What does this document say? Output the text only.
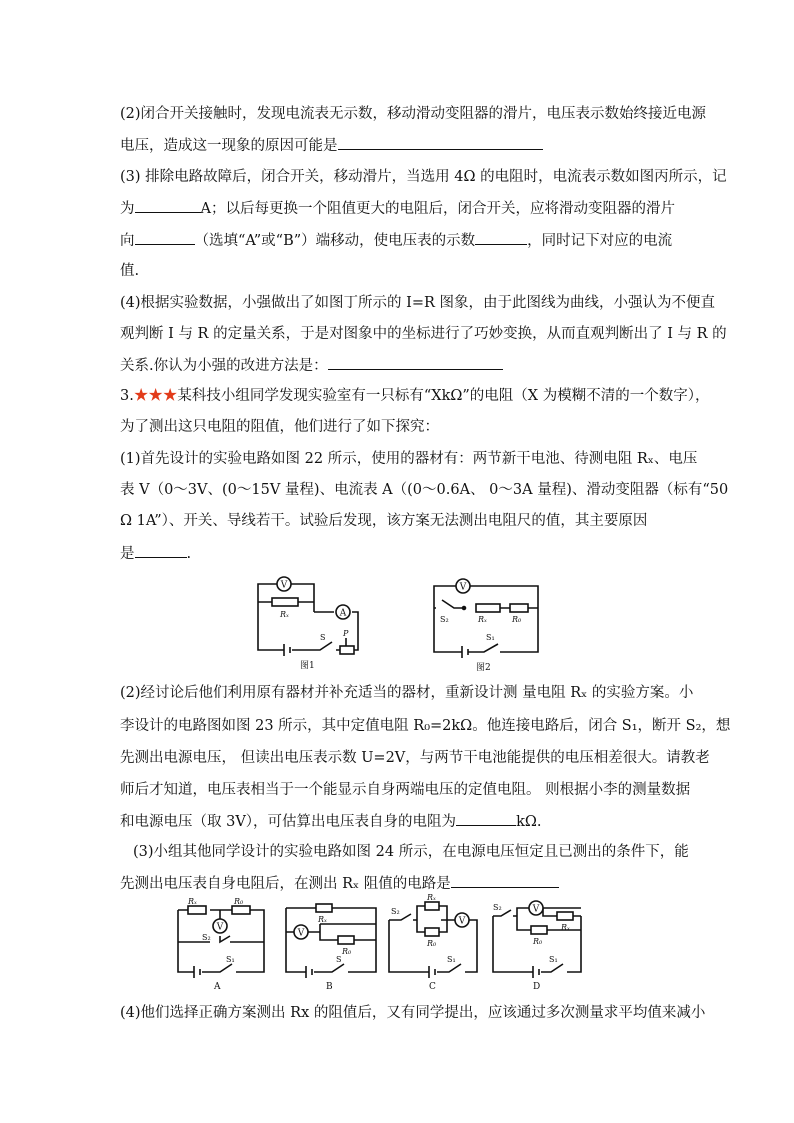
(2)闭合开关接触时，发现电流表无示数，移动滑动变阻器的滑片，电压表示数始终接近电源
电压，造成这一现象的原因可能是
(3) 排除电路故障后，闭合开关，移动滑片，当选用 4Ω 的电阻时，电流表示数如图丙所示，记
为	A；以后每更换一个阻值更大的电阻后，闭合开关，应将滑动变阻器的滑片
向	（选填“A”或“B”）端移动，使电压表的示数	，同时记下对应的电流
值.
(4)根据实验数据，小强做出了如图丁所示的 I=R 图象，由于此图线为曲线，小强认为不便直
观判断 I 与 R 的定量关系，于是对图象中的坐标进行了巧妙变换，从而直观判断出了 I 与 R 的
关系.你认为小强的改进方法是：
3.★★★某科技小组同学发现实验室有一只标有“XkΩ”的电阻（X 为模糊不清的一个数字），
为了测出这只电阻的阻值，他们进行了如下探究：
(1)首先设计的实验电路如图 22 所示，使用的器材有：两节新干电池、待测电阻 Rₓ、电压
表 V（0～3V、(0～15V 量程)、电流表 A（(0～0.6A、 0～3A 量程)、滑动变阻器（标有“50
Ω 1A”）、开关、导线若干。试验后发现，该方案无法测出电阻尺的值，其主要原因
是	.
V
A
Rₓ
S P
图1
V
Rₓ	R₀
S₂
S₁
图2
(2)经讨论后他们利用原有器材并补充适当的器材，重新设计测 量电阻 Rₓ 的实验方案。小
李设计的电路图如图 23 所示，其中定值电阻 R₀=2kΩ。他连接电路后，闭合 S₁，断开 S₂，想
先测出电源电压， 但读出电压表示数 U=2V，与两节干电池能提供的电压相差很大。请教老
师后才知道，电压表相当于一个能显示自身两端电压的定值电阻。 则根据小李的测量数据
和电源电压（取 3V），可估算出电压表自身的电阻为	kΩ.
(3)小组其他同学设计的实验电路如图 24 所示，在电源电压恒定且已测出的条件下，能
先测出电压表自身电阻后，在测出 Rₓ 阻值的电路是
V
Rₓ	R₀
S₂
S₁
A
V
Rₓ
R₀
S
B
V
Rₓ
R₀
S₂
S₁
C
V
R₀
Rₓ
S₂
S₁
D
(4)他们选择正确方案测出 Rx 的阻值后，又有同学提出，应该通过多次测量求平均值来减小
